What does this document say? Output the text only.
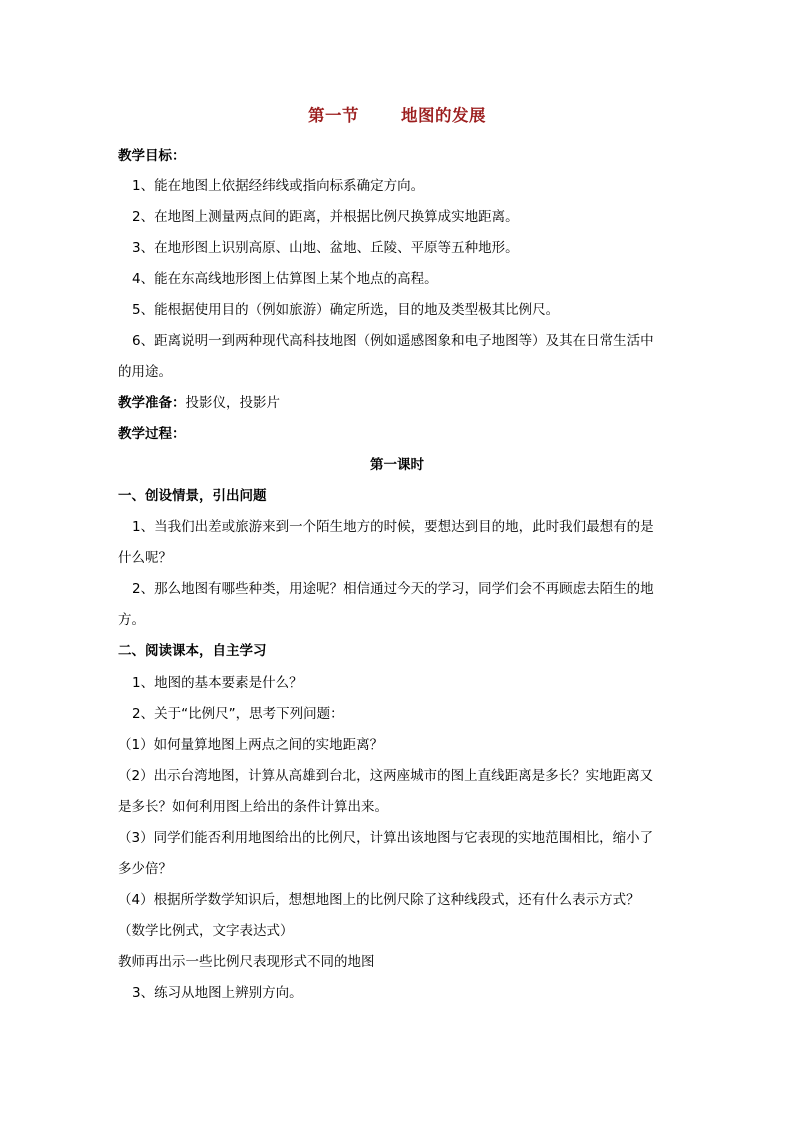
第一节	地图的发展
教学目标：
1、能在地图上依据经纬线或指向标系确定方向。
2、在地图上测量两点间的距离，并根据比例尺换算成实地距离。
3、在地形图上识别高原、山地、盆地、丘陵、平原等五种地形。
4、能在东高线地形图上估算图上某个地点的高程。
5、能根据使用目的（例如旅游）确定所选，目的地及类型极其比例尺。
6、距离说明一到两种现代高科技地图（例如遥感图象和电子地图等）及其在日常生活中
的用途。
教学准备：投影仪，投影片
教学过程：
第一课时
一、创设情景，引出问题
1、当我们出差或旅游来到一个陌生地方的时候，要想达到目的地，此时我们最想有的是
什么呢？
2、那么地图有哪些种类，用途呢？相信通过今天的学习，同学们会不再顾虑去陌生的地
方。
二、阅读课本，自主学习
1、地图的基本要素是什么？
2、关于“比例尺”，思考下列问题：
（1）如何量算地图上两点之间的实地距离？
（2）出示台湾地图，计算从高雄到台北，这两座城市的图上直线距离是多长？实地距离又
是多长？如何利用图上给出的条件计算出来。
（3）同学们能否利用地图给出的比例尺，计算出该地图与它表现的实地范围相比，缩小了
多少倍？
（4）根据所学数学知识后，想想地图上的比例尺除了这种线段式，还有什么表示方式？
（数学比例式，文字表达式）
教师再出示一些比例尺表现形式不同的地图
3、练习从地图上辨别方向。
